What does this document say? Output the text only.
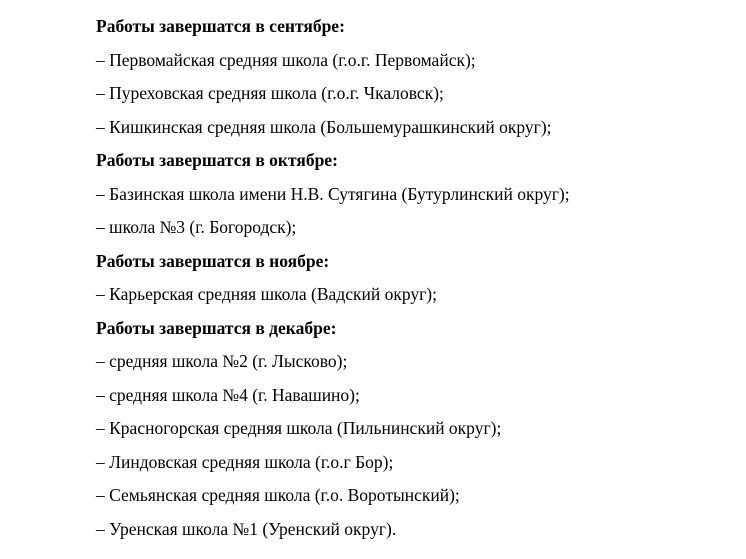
Работы завершатся в сентябре:
– Первомайская средняя школа (г.о.г. Первомайск);
– Пуреховская средняя школа (г.о.г. Чкаловск);
– Кишкинская средняя школа (Большемурашкинский округ);
Работы завершатся в октябре:
– Базинская школа имени Н.В. Сутягина (Бутурлинский округ);
– школа №3 (г. Богородск);
Работы завершатся в ноябре:
– Карьерская средняя школа (Вадский округ);
Работы завершатся в декабре:
– средняя школа №2 (г. Лысково);
– средняя школа №4 (г. Навашино);
– Красногорская средняя школа (Пильнинский округ);
– Линдовская средняя школа (г.о.г Бор);
– Семьянская средняя школа (г.о. Воротынский);
– Уренская школа №1 (Уренский округ).
